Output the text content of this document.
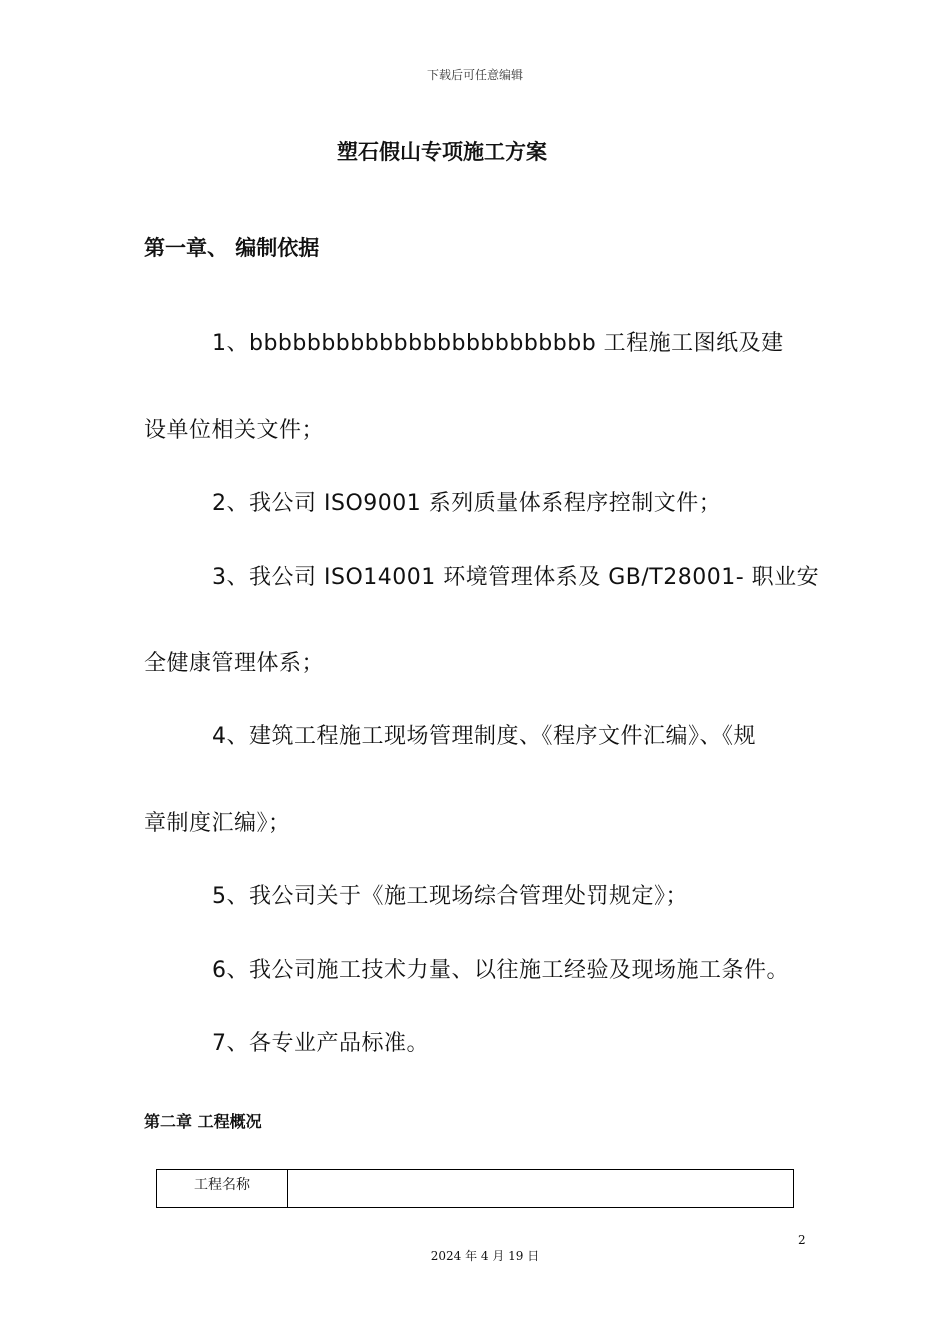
下载后可任意编辑
塑石假山专项施工方案
第一章、 编制依据
1、bbbbbbbbbbbbbbbbbbbbbbbb 工程施工图纸及建
设单位相关文件；
2、我公司 ISO9001 系列质量体系程序控制文件；
3、我公司 ISO14001 环境管理体系及 GB/T28001- 职业安
全健康管理体系；
4、建筑工程施工现场管理制度、《程序文件汇编》、《规
章制度汇编》；
5、我公司关于《施工现场综合管理处罚规定》；
6、我公司施工技术力量、以往施工经验及现场施工条件。
7、各专业产品标准。
第二章 工程概况
工程名称	
2
2024 年 4 月 19 日
